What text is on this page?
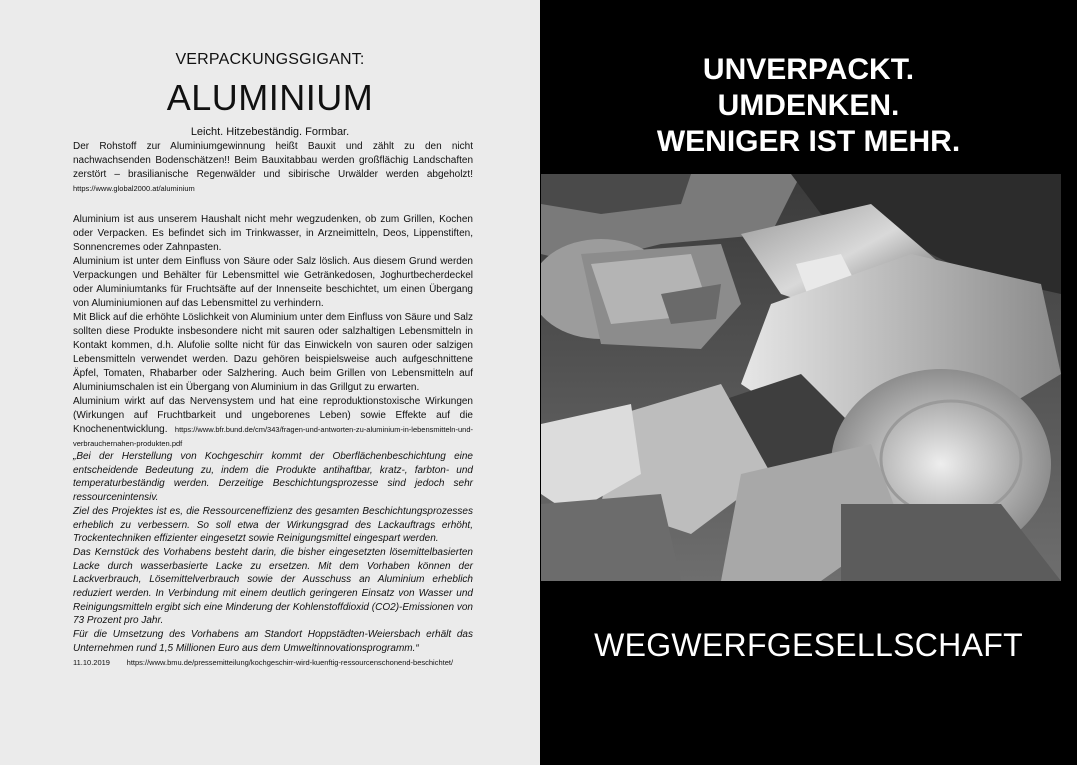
VERPACKUNGSGIGANT:
ALUMINIUM
Leicht. Hitzebeständig. Formbar.

Der Rohstoff zur Aluminiumgewinnung heißt Bauxit und zählt zu den nicht nachwachsenden Bodenschätzen!! Beim Bauxitabbau werden großflächig Landschaften zerstört – brasilianische Regenwälder und sibirische Urwälder werden abgeholzt! https://www.global2000.at/aluminium

Aluminium ist aus unserem Haushalt nicht mehr wegzudenken, ob zum Grillen, Kochen oder Verpacken. Es befindet sich im Trinkwasser, in Arzneimitteln, Deos, Lippenstiften, Sonnencremes oder Zahnpasten.

Aluminium ist unter dem Einfluss von Säure oder Salz löslich. Aus diesem Grund werden Verpackungen und Behälter für Lebensmittel wie Getränkedosen, Joghurtbecherdeckel oder Aluminiumtanks für Fruchtsäfte auf der Innenseite beschichtet, um einen Übergang von Aluminiumionen auf das Lebensmittel zu verhindern.

Mit Blick auf die erhöhte Löslichkeit von Aluminium unter dem Einfluss von Säure und Salz sollten diese Produkte insbesondere nicht mit sauren oder salzhaltigen Lebensmitteln in Kontakt kommen, d.h. Alufolie sollte nicht für das Einwickeln von sauren oder salzigen Lebensmitteln verwendet werden. Dazu gehören beispielsweise auch aufgeschnittene Äpfel, Tomaten, Rhabarber oder Salzhering. Auch beim Grillen von Lebensmitteln auf Aluminiumschalen ist ein Übergang von Aluminium in das Grillgut zu erwarten.

Aluminium wirkt auf das Nervensystem und hat eine reproduktionstoxische Wirkungen (Wirkungen auf Fruchtbarkeit und ungeborenes Leben) sowie Effekte auf die Knochenentwicklung. https://www.bfr.bund.de/cm/343/fragen-und-antworten-zu-aluminium-in-lebensmitteln-und-verbrauchernahen-produkten.pdf

„Bei der Herstellung von Kochgeschirr kommt der Oberflächenbeschichtung eine entscheidende Bedeutung zu, indem die Produkte antihaftbar, kratz-, farbton- und temperaturbeständig werden. Derzeitige Beschichtungsprozesse sind jedoch sehr ressourcenintensiv.

Ziel des Projektes ist es, die Ressourceneffizienz des gesamten Beschichtungsprozesses erheblich zu verbessern. So soll etwa der Wirkungsgrad des Lackauftrags erhöht, Trockentechniken effizienter eingesetzt sowie Reinigungsmittel eingespart werden.

Das Kernstück des Vorhabens besteht darin, die bisher eingesetzten lösemittelbasierten Lacke durch wasserbasierte Lacke zu ersetzen. Mit dem Vorhaben können der Lackverbrauch, Lösemittelverbrauch sowie der Ausschuss an Aluminium erheblich reduziert werden. In Verbindung mit einem deutlich geringeren Einsatz von Wasser und Reinigungsmitteln ergibt sich eine Minderung der Kohlenstoffdioxid (CO2)-Emissionen von 73 Prozent pro Jahr.

Für die Umsetzung des Vorhabens am Standort Hoppstädten-Weiersbach erhält das Unternehmen rund 1,5 Millionen Euro aus dem Umweltinnovationsprogramm.“

11.10.2019 https://www.bmu.de/pressemitteilung/kochgeschirr-wird-kuenftig-ressourcenschonend-beschichtet/

UNVERPACKT.
UMDENKEN.
WENIGER IST MEHR.
WEGWERFGESELLSCHAFT
